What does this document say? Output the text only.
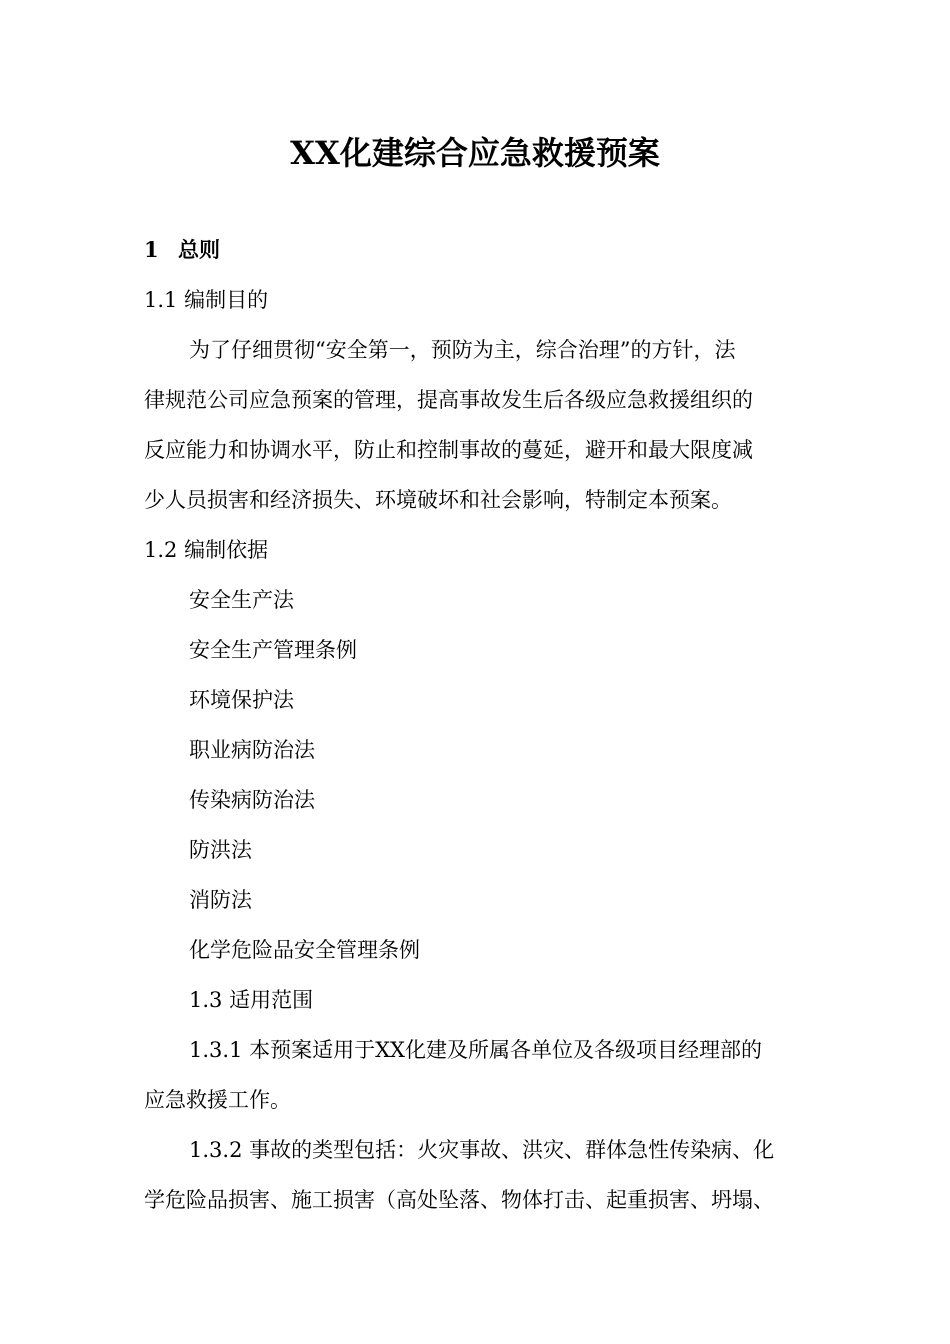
XX化建综合应急救援预案
1 总则
1.1 编制目的
为了仔细贯彻“安全第一，预防为主，综合治理”的方针，法
律规范公司应急预案的管理，提高事故发生后各级应急救援组织的
反应能力和协调水平，防止和控制事故的蔓延，避开和最大限度减
少人员损害和经济损失、环境破坏和社会影响，特制定本预案。
1.2 编制依据
安全生产法
安全生产管理条例
环境保护法
职业病防治法
传染病防治法
防洪法
消防法
化学危险品安全管理条例
1.3 适用范围
1.3.1 本预案适用于XX化建及所属各单位及各级项目经理部的
应急救援工作。
1.3.2 事故的类型包括：火灾事故、洪灾、群体急性传染病、化
学危险品损害、施工损害（高处坠落、物体打击、起重损害、坍塌、
